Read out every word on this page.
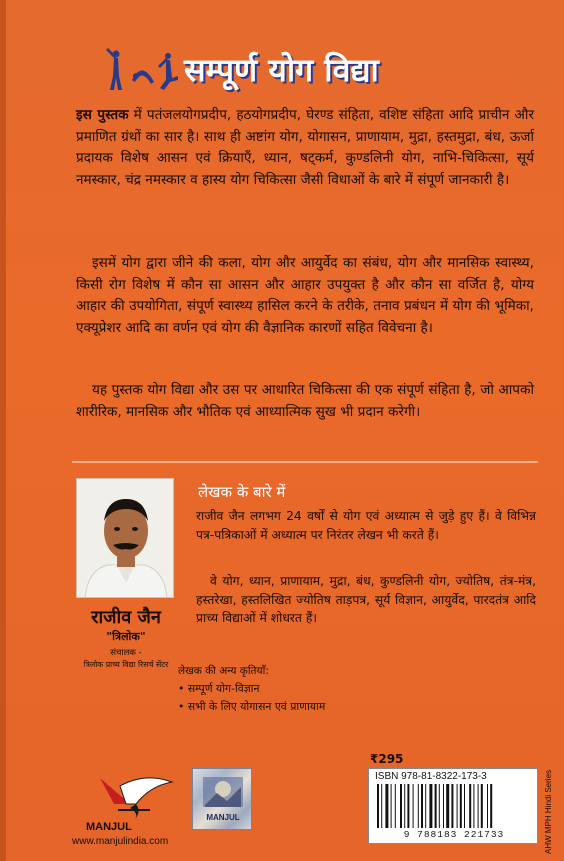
सम्पूर्ण योग विद्या

इस पुस्तक में पतंजलयोगप्रदीप, हठयोगप्रदीप, घेरण्ड संहिता, वशिष्ट संहिता आदि प्राचीन और प्रमाणित ग्रंथों का सार है। साथ ही अष्टांग योग, योगासन, प्राणायाम, मुद्रा, हस्तमुद्रा, बंध, ऊर्जा प्रदायक विशेष आसन एवं क्रियाएँ, ध्यान, षट्कर्म, कुण्डलिनी योग, नाभि-चिकित्सा, सूर्य नमस्कार, चंद्र नमस्कार व हास्य योग चिकित्सा जैसी विधाओं के बारे में संपूर्ण जानकारी है।

इसमें योग द्वारा जीने की कला, योग और आयुर्वेद का संबंध, योग और मानसिक स्वास्थ्य, किसी रोग विशेष में कौन सा आसन और आहार उपयुक्त है और कौन सा वर्जित है, योग्य आहार की उपयोगिता, संपूर्ण स्वास्थ्य हासिल करने के तरीके, तनाव प्रबंधन में योग की भूमिका, एक्यूप्रेशर आदि का वर्णन एवं योग की वैज्ञानिक कारणों सहित विवेचना है।

यह पुस्तक योग विद्या और उस पर आधारित चिकित्सा की एक संपूर्ण संहिता है, जो आपको शारीरिक, मानसिक और भौतिक एवं आध्यात्मिक सुख भी प्रदान करेगी।

राजीव जैन
"त्रिलोक"
संचालक -
त्रिलोक प्राच्य विद्या रिसर्च सेंटर
लेखक के बारे में

राजीव जैन लगभग 24 वर्षों से योग एवं अध्यात्म से जुड़े हुए हैं। वे विभिन्न पत्र-पत्रिकाओं में अध्यात्म पर निरंतर लेखन भी करते हैं।

वे योग, ध्यान, प्राणायाम, मुद्रा, बंध, कुण्डलिनी योग, ज्योतिष, तंत्र-मंत्र, हस्तरेखा, हस्तलिखित ज्योतिष ताड़पत्र, सूर्य विज्ञान, आयुर्वेद, पारदतंत्र आदि प्राच्य विद्याओं में शोधरत हैं।

लेखक की अन्य कृतियाँ:
• सम्पूर्ण योग-विज्ञान
• सभी के लिए योगासन एवं प्राणायाम
₹295
ISBN 978-81-8322-173-3
9 788183 221733	AHW MPH Hindi Series
MANJUL
www.manjulindia.com
MANJUL
